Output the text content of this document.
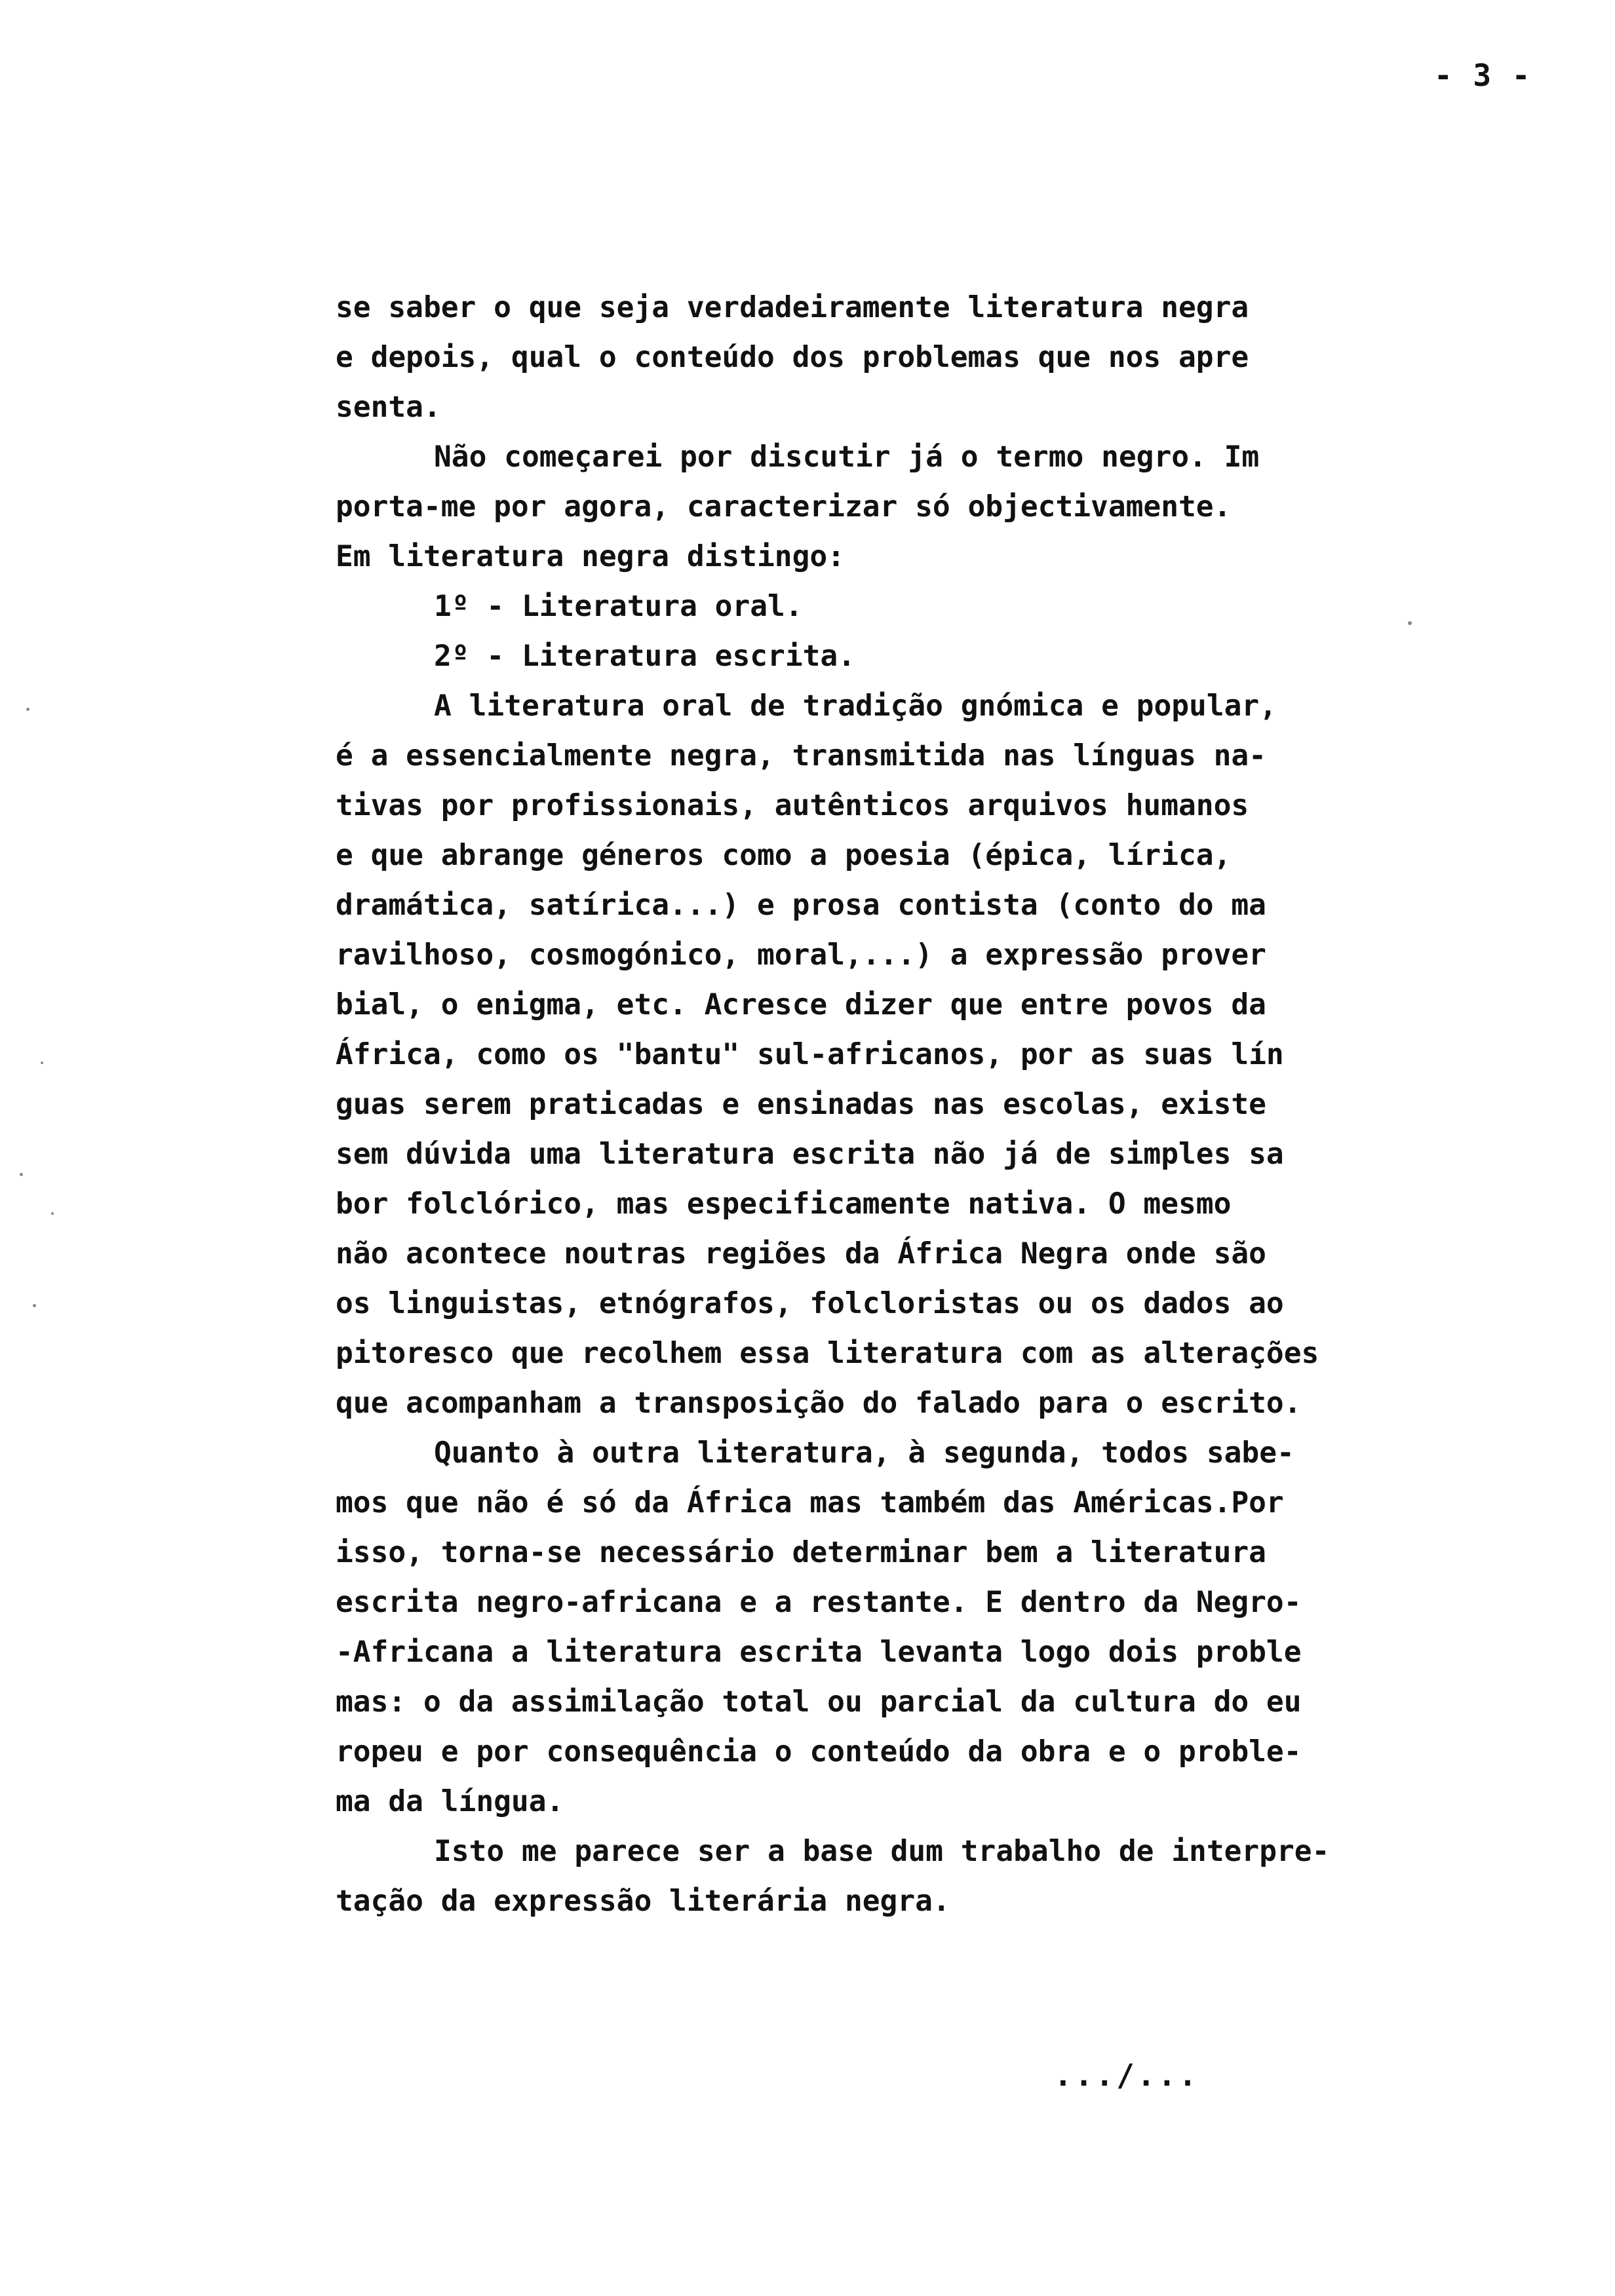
- 3 -
se saber o que seja verdadeiramente literatura negra
e depois, qual o conteúdo dos problemas que nos apre
senta.
Não começarei por discutir já o termo negro. Im
porta-me por agora, caracterizar só objectivamente.
Em literatura negra distingo:
1º - Literatura oral.
2º - Literatura escrita.
A literatura oral de tradição gnómica e popular,
é a essencialmente negra, transmitida nas línguas na-
tivas por profissionais, autênticos arquivos humanos
e que abrange géneros como a poesia (épica, lírica,
dramática, satírica...) e prosa contista (conto do ma
ravilhoso, cosmogónico, moral,...) a expressão prover
bial, o enigma, etc. Acresce dizer que entre povos da
África, como os "bantu" sul-africanos, por as suas lín
guas serem praticadas e ensinadas nas escolas, existe
sem dúvida uma literatura escrita não já de simples sa
bor folclórico, mas especificamente nativa. O mesmo
não acontece noutras regiões da África Negra onde são
os linguistas, etnógrafos, folcloristas ou os dados ao
pitoresco que recolhem essa literatura com as alterações
que acompanham a transposição do falado para o escrito.
Quanto à outra literatura, à segunda, todos sabe-
mos que não é só da África mas também das Américas.Por
isso, torna-se necessário determinar bem a literatura
escrita negro-africana e a restante. E dentro da Negro-
-Africana a literatura escrita levanta logo dois proble
mas: o da assimilação total ou parcial da cultura do eu
ropeu e por consequência o conteúdo da obra e o proble-
ma da língua.
Isto me parece ser a base dum trabalho de interpre-
tação da expressão literária negra.
.../...
